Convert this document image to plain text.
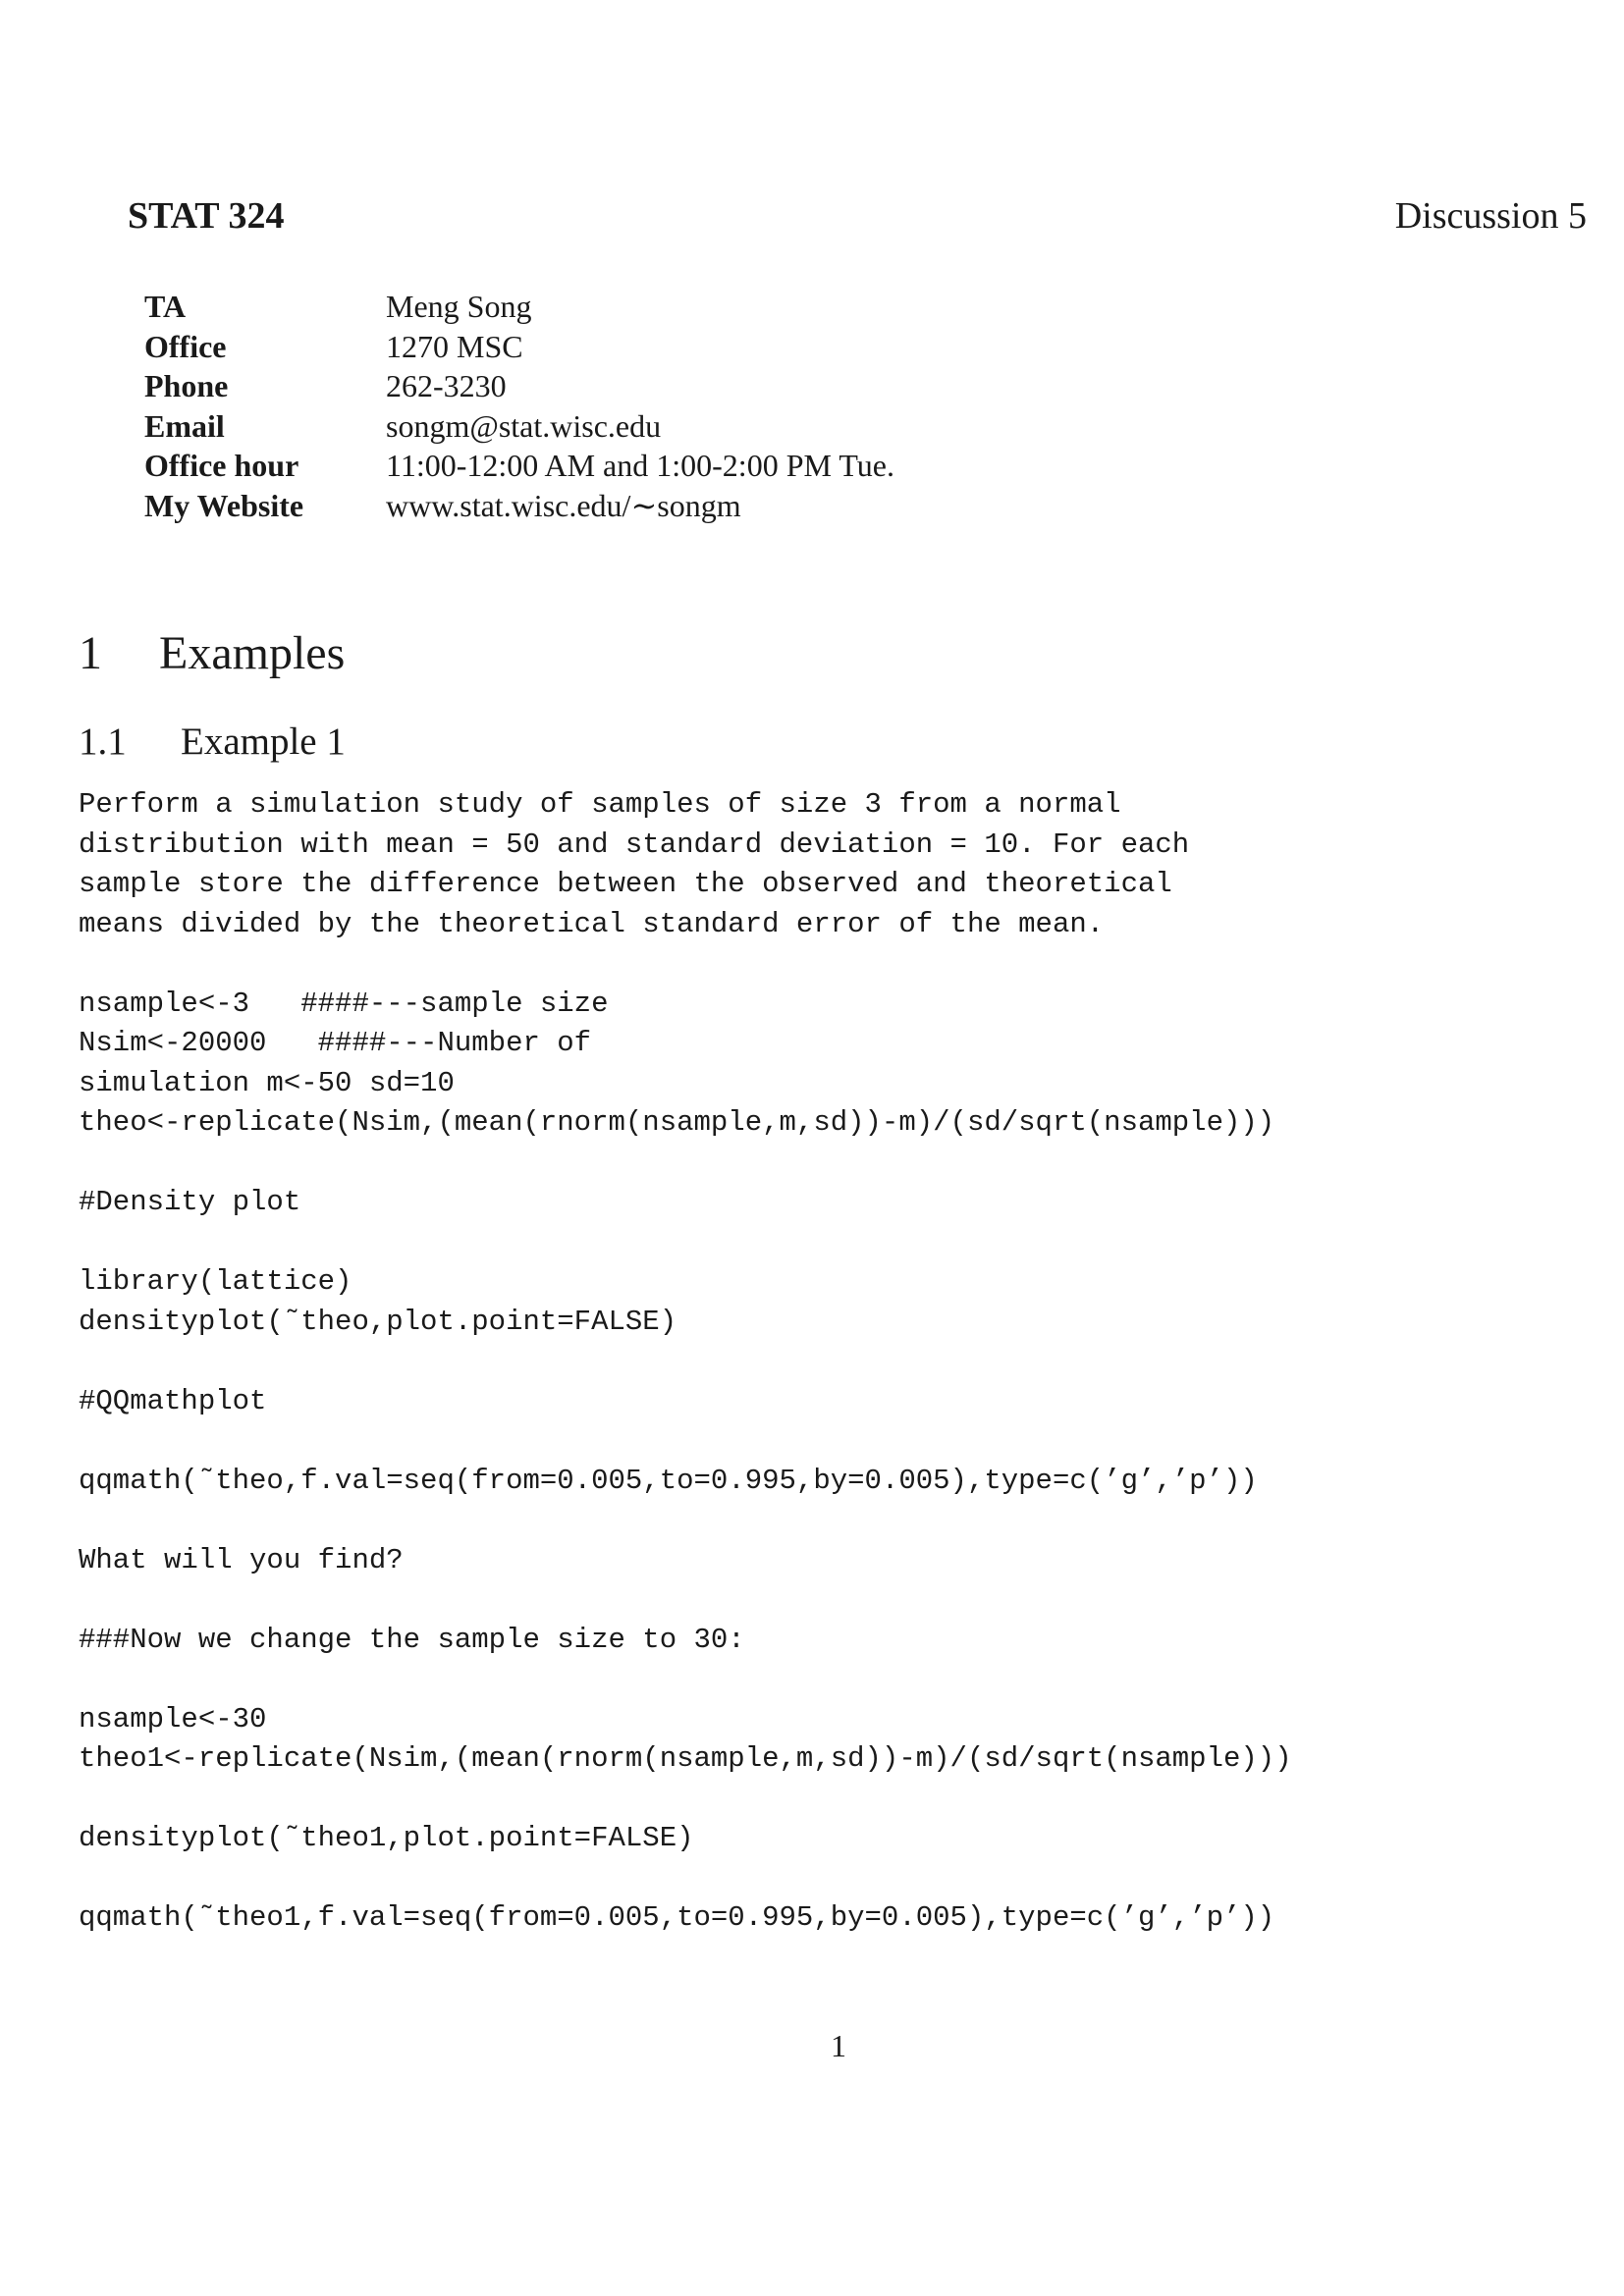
STAT 324	Discussion 5
TA	Meng Song
Office	1270 MSC
Phone	262-3230
Email	songm@stat.wisc.edu
Office hour	11:00-12:00 AM and 1:00-2:00 PM Tue.
My Website	www.stat.wisc.edu/∼songm
1 Examples
1.1 Example 1
Perform a simulation study of samples of size 3 from a normal
distribution with mean = 50 and standard deviation = 10. For each
sample store the difference between the observed and theoretical
means divided by the theoretical standard error of the mean.
nsample<-3   ####---sample size
Nsim<-20000   ####---Number of
simulation m<-50 sd=10
theo<-replicate(Nsim,(mean(rnorm(nsample,m,sd))-m)/(sd/sqrt(nsample)))
#Density plot
library(lattice)
densityplot(˜theo,plot.point=FALSE)
#QQmathplot
qqmath(˜theo,f.val=seq(from=0.005,to=0.995,by=0.005),type=c(’g’,’p’))
What will you find?
###Now we change the sample size to 30:
nsample<-30
theo1<-replicate(Nsim,(mean(rnorm(nsample,m,sd))-m)/(sd/sqrt(nsample)))
densityplot(˜theo1,plot.point=FALSE)
qqmath(˜theo1,f.val=seq(from=0.005,to=0.995,by=0.005),type=c(’g’,’p’))
1
